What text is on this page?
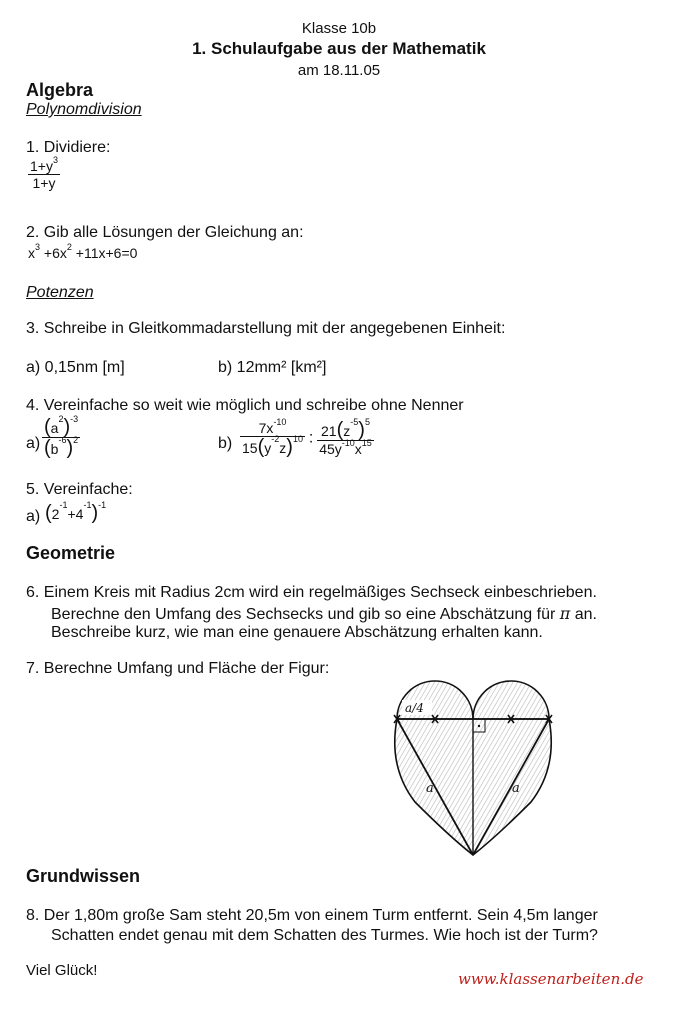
Klasse 10b
1. Schulaufgabe aus der Mathematik
am 18.11.05
Algebra
Polynomdivision
1. Dividiere:
$\frac{1+y^3}{1+y}$
2. Gib alle Lösungen der Gleichung an:
$x^3 +6x^2 +11x+6=0$
Potenzen
3. Schreibe in Gleitkommadarstellung mit der angegebenen Einheit:
a) 0,15nm [m]	b) 12mm² [km²]
4. Vereinfache so weit wie möglich und schreibe ohne Nenner
$a) \frac{(a^2)^{-3}}{(b^{-6})^2}$	$b) \frac{7x^{-10}}{15(y^{-2}z)^{10}}$ : $\frac{21(z^{-5})^5}{45y^{-10}x^{15}}$
5. Vereinfache:
a) $(2^{-1}+4^{-1})^{-1}$
Geometrie
6. Einem Kreis mit Radius 2cm wird ein regelmäßiges Sechseck einbeschrieben.
Berechne den Umfang des Sechsecks und gib so eine Abschätzung für π an.
Beschreibe kurz, wie man eine genauere Abschätzung erhalten kann.
7. Berechne Umfang und Fläche der Figur:
a/4
a	a
Grundwissen
8. Der 1,80m große Sam steht 20,5m von einem Turm entfernt. Sein 4,5m langer
Schatten endet genau mit dem Schatten des Turmes. Wie hoch ist der Turm?
Viel Glück!	www.klassenarbeiten.de
